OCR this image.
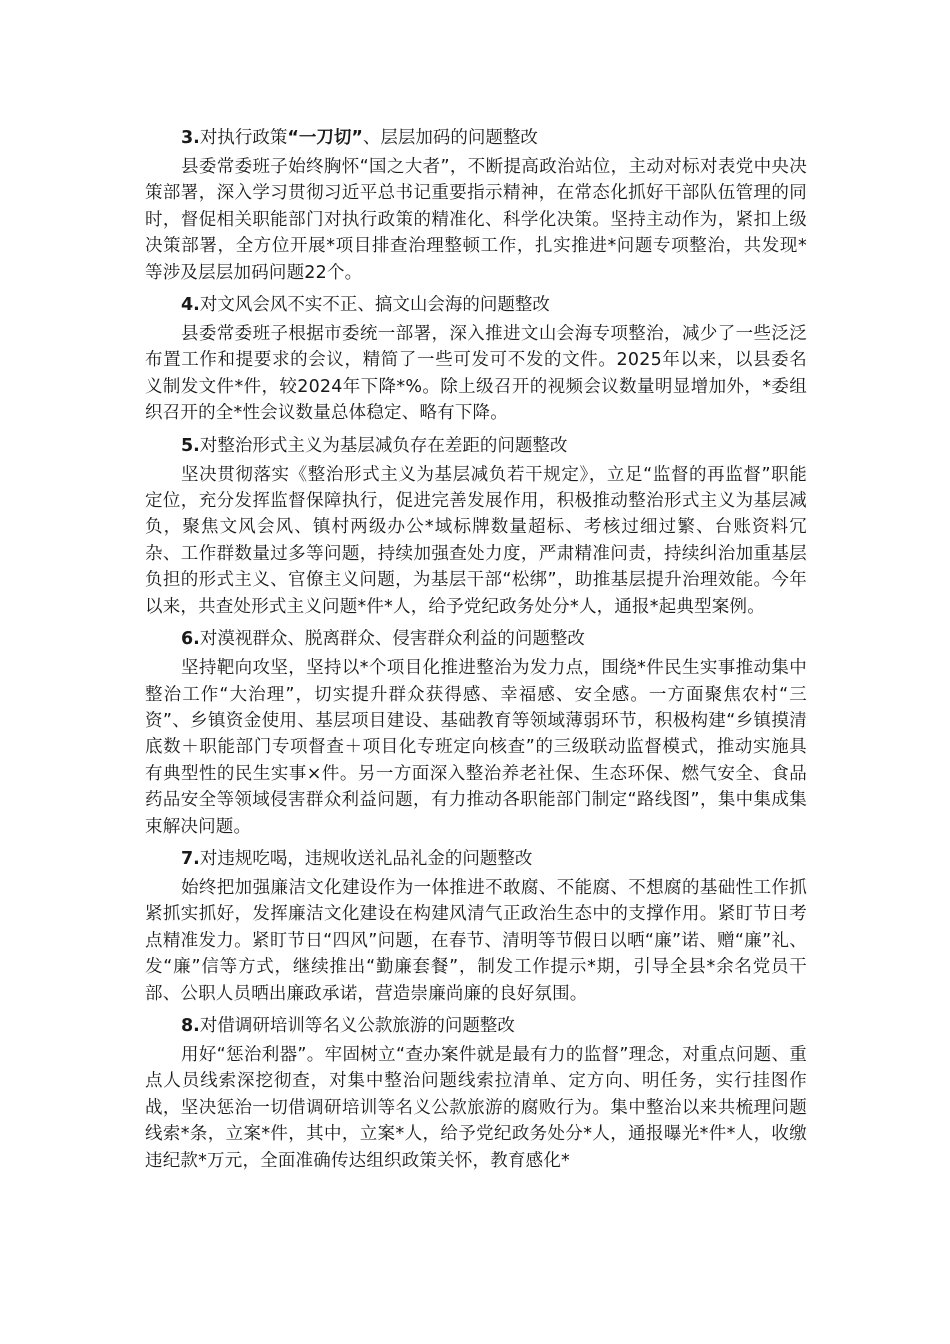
3.对执行政策“一刀切”、层层加码的问题整改

县委常委班子始终胸怀“国之大者”，不断提高政治站位，主动对标对表党中央决策部署，深入学习贯彻习近平总书记重要指示精神，在常态化抓好干部队伍管理的同时，督促相关职能部门对执行政策的精准化、科学化决策。坚持主动作为，紧扣上级决策部署，全方位开展*项目排查治理整顿工作，扎实推进*问题专项整治，共发现*等涉及层层加码问题22个。

4.对文风会风不实不正、搞文山会海的问题整改

县委常委班子根据市委统一部署，深入推进文山会海专项整治，减少了一些泛泛布置工作和提要求的会议，精简了一些可发可不发的文件。2025年以来，以县委名义制发文件*件，较2024年下降*%。除上级召开的视频会议数量明显增加外，*委组织召开的全*性会议数量总体稳定、略有下降。

5.对整治形式主义为基层减负存在差距的问题整改

坚决贯彻落实《整治形式主义为基层减负若干规定》，立足“监督的再监督”职能定位，充分发挥监督保障执行，促进完善发展作用，积极推动整治形式主义为基层减负，聚焦文风会风、镇村两级办公*域标牌数量超标、考核过细过繁、台账资料冗杂、工作群数量过多等问题，持续加强查处力度，严肃精准问责，持续纠治加重基层负担的形式主义、官僚主义问题，为基层干部“松绑”，助推基层提升治理效能。今年以来，共查处形式主义问题*件*人，给予党纪政务处分*人，通报*起典型案例。

6.对漠视群众、脱离群众、侵害群众利益的问题整改

坚持靶向攻坚，坚持以*个项目化推进整治为发力点，围绕*件民生实事推动集中整治工作“大治理”，切实提升群众获得感、幸福感、安全感。一方面聚焦农村“三资”、乡镇资金使用、基层项目建设、基础教育等领域薄弱环节，积极构建“乡镇摸清底数＋职能部门专项督查＋项目化专班定向核查”的三级联动监督模式，推动实施具有典型性的民生实事×件。另一方面深入整治养老社保、生态环保、燃气安全、食品药品安全等领域侵害群众利益问题，有力推动各职能部门制定“路线图”，集中集成集束解决问题。

7.对违规吃喝，违规收送礼品礼金的问题整改

始终把加强廉洁文化建设作为一体推进不敢腐、不能腐、不想腐的基础性工作抓紧抓实抓好，发挥廉洁文化建设在构建风清气正政治生态中的支撑作用。紧盯节日考点精准发力。紧盯节日“四风”问题，在春节、清明等节假日以晒“廉”诺、赠“廉”礼、发“廉”信等方式，继续推出“勤廉套餐”，制发工作提示*期，引导全县*余名党员干部、公职人员晒出廉政承诺，营造崇廉尚廉的良好氛围。

8.对借调研培训等名义公款旅游的问题整改

用好“惩治利器”。牢固树立“查办案件就是最有力的监督”理念，对重点问题、重点人员线索深挖彻查，对集中整治问题线索拉清单、定方向、明任务，实行挂图作战，坚决惩治一切借调研培训等名义公款旅游的腐败行为。集中整治以来共梳理问题线索*条，立案*件，其中，立案*人，给予党纪政务处分*人，通报曝光*件*人，收缴违纪款*万元，全面准确传达组织政策关怀，教育感化*
